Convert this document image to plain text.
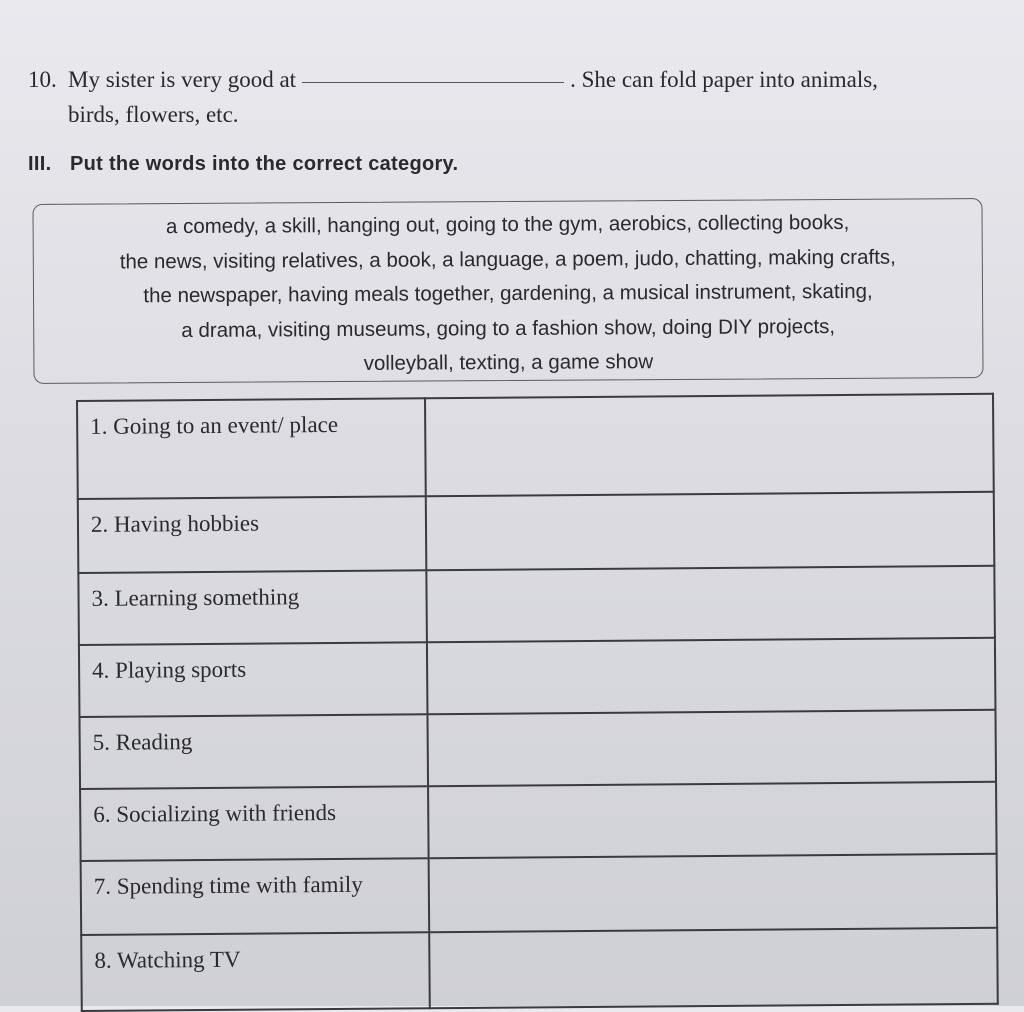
10. My sister is very good at	. She can fold paper into animals,
birds, flowers, etc.
III. Put the words into the correct category.
a comedy, a skill, hanging out, going to the gym, aerobics, collecting books,
the news, visiting relatives, a book, a language, a poem, judo, chatting, making crafts,
the newspaper, having meals together, gardening, a musical instrument, skating,
a drama, visiting museums, going to a fashion show, doing DIY projects,
volleyball, texting, a game show
1. Going to an event/ place	
2. Having hobbies	
3. Learning something	
4. Playing sports	
5. Reading	
6. Socializing with friends	
7. Spending time with family	
8. Watching TV	
